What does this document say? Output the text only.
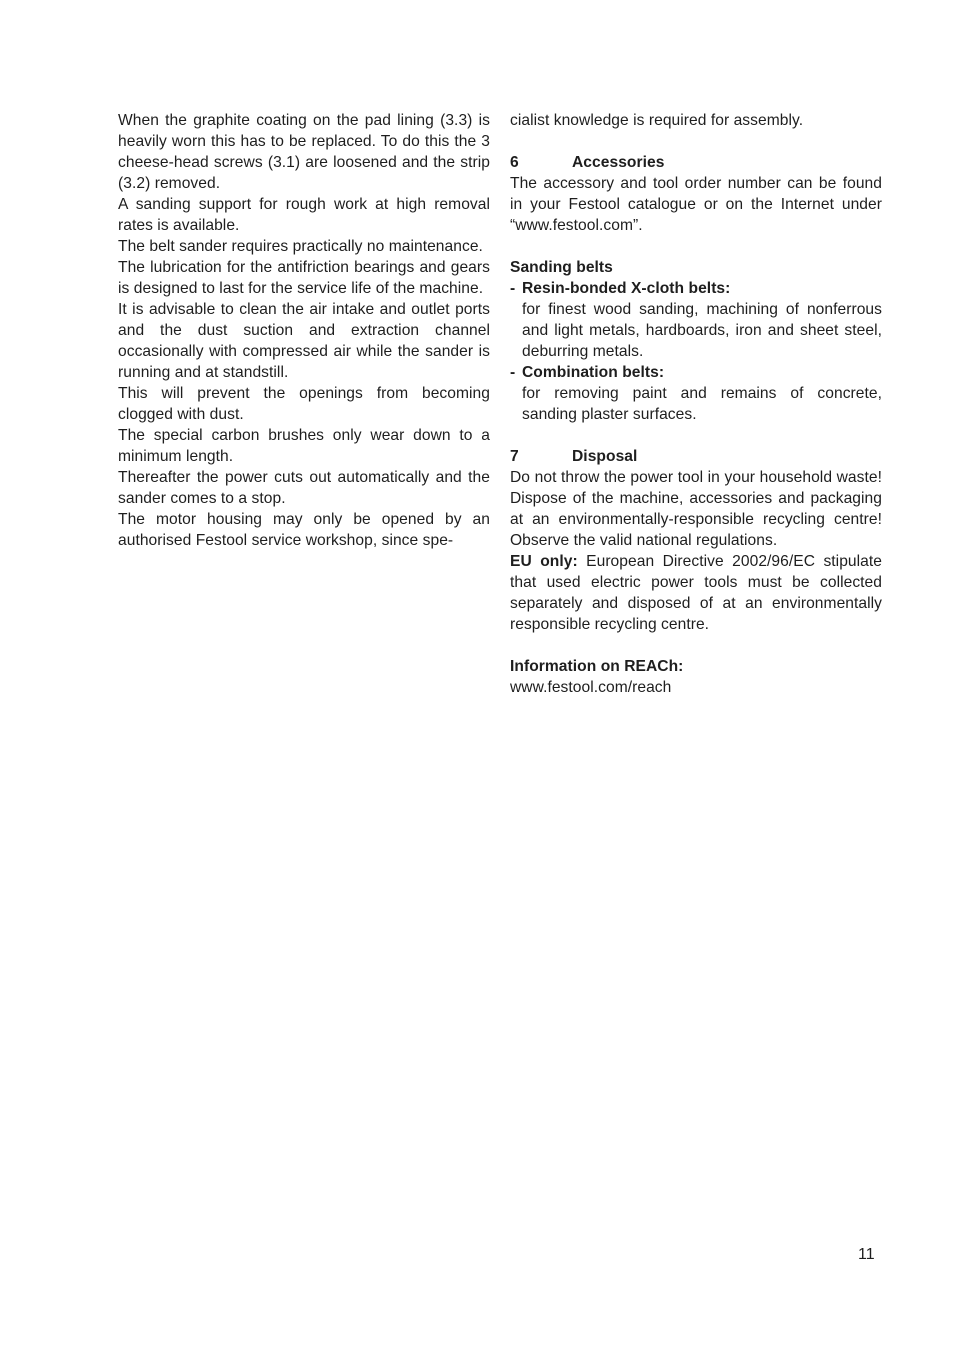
When the graphite coating on the pad lining (3.3) is heavily worn this has to be replaced. To do this the 3 cheese-head screws (3.1) are loosened and the strip (3.2) removed.

A sanding support for rough work at high removal rates is available.

The belt sander requires practically no maintenance.

The lubrication for the antifriction bearings and gears is designed to last for the service life of the machine.

It is advisable to clean the air intake and outlet ports and the dust suction and extraction channel occasionally with compressed air while the sander is running and at standstill.

This will prevent the openings from becoming clogged with dust.

The special carbon brushes only wear down to a minimum length.

Thereafter the power cuts out automatically and the sander comes to a stop.

The motor housing may only be opened by an authorised Festool service workshop, since spe-

cialist knowledge is required for assembly.

6	Accessories

The accessory and tool order number can be found in your Festool catalogue or on the Internet under “www.festool.com”.

Sanding belts

- Resin-bonded X-cloth belts:

for finest wood sanding, machining of nonferrous and light metals, hardboards, iron and sheet steel, deburring metals.

- Combination belts:

for removing paint and remains of concrete, sanding plaster surfaces.

7	Disposal

Do not throw the power tool in your household waste! Dispose of the machine, accessories and packaging at an environmentally-responsible recycling centre! Observe the valid national regulations.

EU only: European Directive 2002/96/EC stipulate that used electric power tools must be collected separately and disposed of at an environmentally responsible recycling centre.

Information on REACh:

www.festool.com/reach

11
